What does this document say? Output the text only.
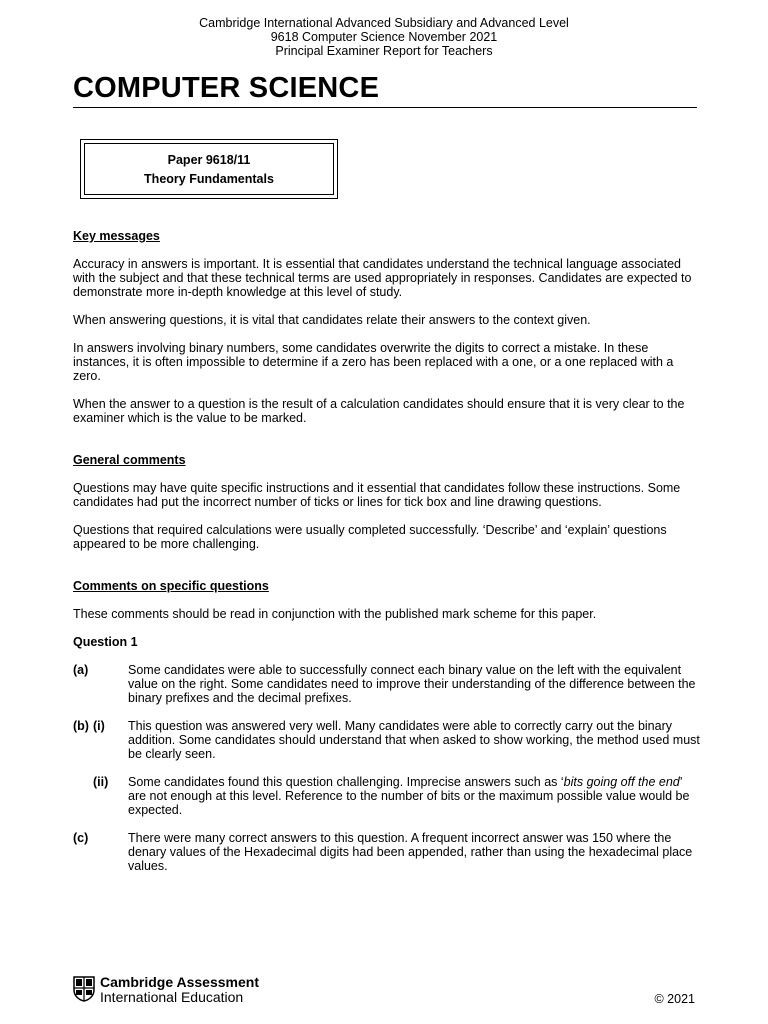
Cambridge International Advanced Subsidiary and Advanced Level
9618 Computer Science November 2021
Principal Examiner Report for Teachers
COMPUTER SCIENCE
Paper 9618/11
Theory Fundamentals
Key messages
Accuracy in answers is important. It is essential that candidates understand the technical language associated with the subject and that these technical terms are used appropriately in responses. Candidates are expected to demonstrate more in-depth knowledge at this level of study.
When answering questions, it is vital that candidates relate their answers to the context given.
In answers involving binary numbers, some candidates overwrite the digits to correct a mistake. In these instances, it is often impossible to determine if a zero has been replaced with a one, or a one replaced with a zero.
When the answer to a question is the result of a calculation candidates should ensure that it is very clear to the examiner which is the value to be marked.
General comments
Questions may have quite specific instructions and it essential that candidates follow these instructions. Some candidates had put the incorrect number of ticks or lines for tick box and line drawing questions.
Questions that required calculations were usually completed successfully. ‘Describe’ and ‘explain’ questions appeared to be more challenging.
Comments on specific questions
These comments should be read in conjunction with the published mark scheme for this paper.
Question 1
(a)	Some candidates were able to successfully connect each binary value on the left with the equivalent value on the right. Some candidates need to improve their understanding of the difference between the binary prefixes and the decimal prefixes.
(b) (i) This question was answered very well. Many candidates were able to correctly carry out the binary addition. Some candidates should understand that when asked to show working, the method used must be clearly seen.
(ii) Some candidates found this question challenging. Imprecise answers such as ‘bits going off the end’ are not enough at this level. Reference to the number of bits or the maximum possible value would be expected.
(c)	There were many correct answers to this question. A frequent incorrect answer was 150 where the denary values of the Hexadecimal digits had been appended, rather than using the hexadecimal place values.
Cambridge Assessment
International Education	© 2021
